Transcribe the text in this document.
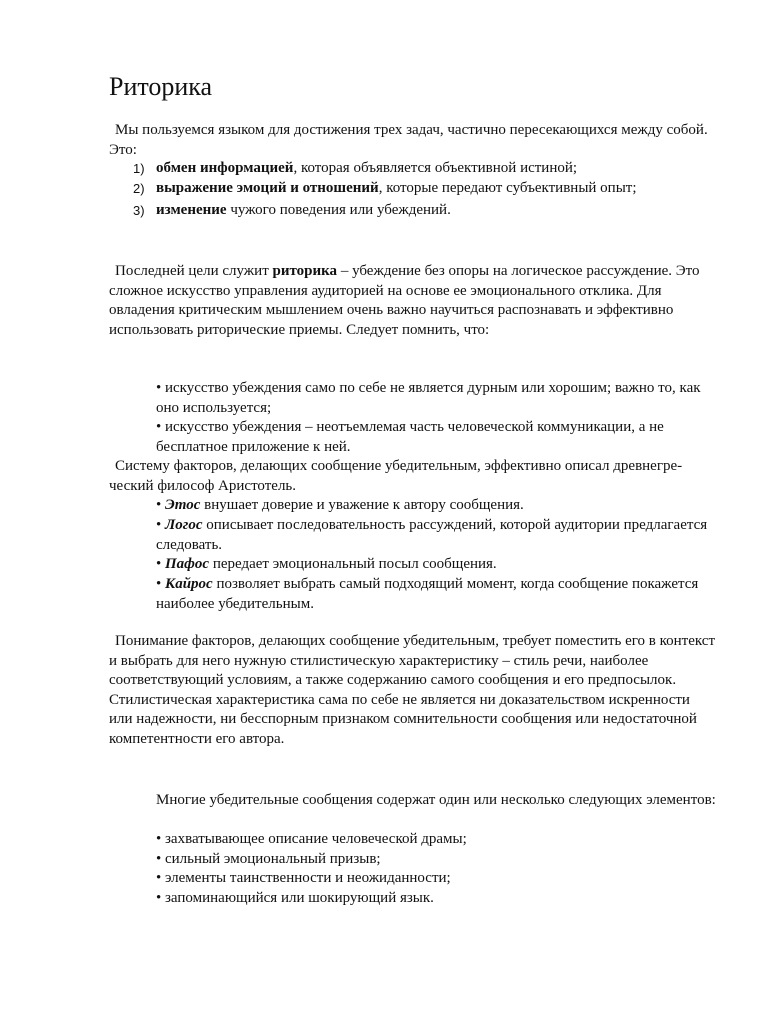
Риторика

Мы пользуемся языком для достижения трех задач, частично пересекающихся между собой. Это:

1) обмен информацией, которая объявляется объективной истиной;
2) выражение эмоций и отношений, которые передают субъективный опыт;
3) изменение чужого поведения или убеждений.

Последней цели служит риторика – убеждение без опоры на логическое рассуждение. Это сложное искусство управления аудиторией на основе ее эмоционального отклика. Для овладения критическим мышлением очень важно научиться распознавать и эффективно использовать риторические приемы. Следует помнить, что:

• искусство убеждения само по себе не является дурным или хорошим; важно то, как оно используется;

• искусство убеждения – неотъемлемая часть человеческой коммуникации, а не бесплатное приложение к ней.

Систему факторов, делающих сообщение убедительным, эффективно описал древнегре- ческий философ Аристотель.

• Этос внушает доверие и уважение к автору сообщения.

• Логос описывает последовательность рассуждений, которой аудитории предлагается следовать.

• Пафос передает эмоциональный посыл сообщения.

• Кайрос позволяет выбрать самый подходящий момент, когда сообщение покажется наиболее убедительным.

Понимание факторов, делающих сообщение убедительным, требует поместить его в контекст и выбрать для него нужную стилистическую характеристику – стиль речи, наиболее соответствующий условиям, а также содержанию самого сообщения и его предпосылок. Стилистическая характеристика сама по себе не является ни доказательством искренности или надежности, ни бесспорным признаком сомнительности сообщения или недостаточной компетентности его автора.

Многие убедительные сообщения содержат один или несколько следующих элементов:

• захватывающее описание человеческой драмы;

• сильный эмоциональный призыв;

• элементы таинственности и неожиданности;

• запоминающийся или шокирующий язык.
